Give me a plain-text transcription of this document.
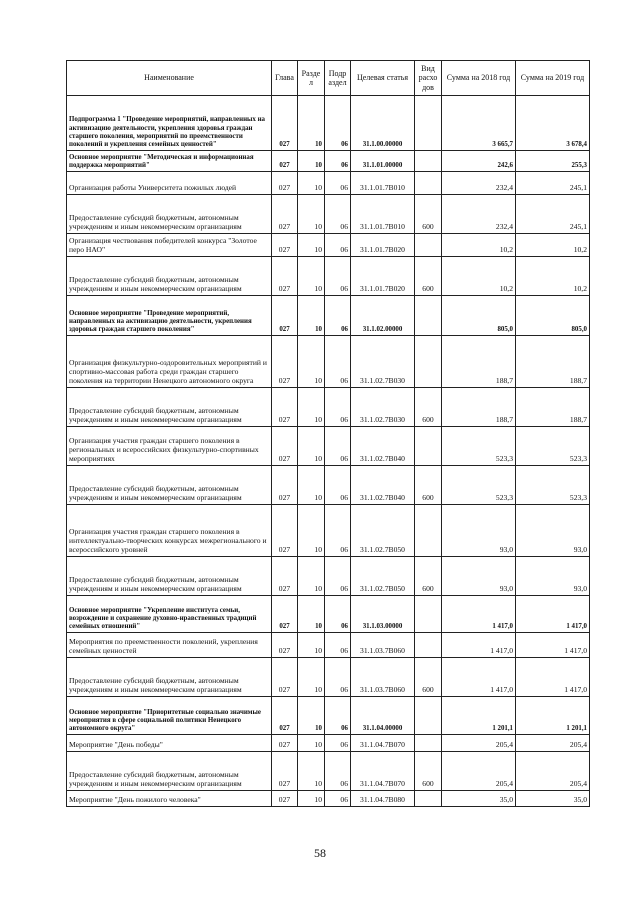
Наименование	Глава	Разде л	Подр аздел	Целевая статья	Вид расхо дов	Сумма на 2018 год	Сумма на 2019 год
Подпрограмма 1 "Проведение мероприятий, направленных на активизацию деятельности, укрепления здоровья граждан старшего поколения, мероприятий по преемственности поколений и укрепления семейных ценностей"	027	10	06	31.1.00.00000		3 665,7	3 678,4
Основное мероприятие "Методическая и информационная поддержка мероприятий"	027	10	06	31.1.01.00000		242,6	255,3
Организация работы Университета пожилых людей	027	10	06	31.1.01.7В010		232,4	245,1
Предоставление субсидий бюджетным, автономным учреждениям и иным некоммерческим организациям	027	10	06	31.1.01.7В010	600	232,4	245,1
Организация чествования победителей конкурса "Золотое перо НАО"	027	10	06	31.1.01.7В020		10,2	10,2
Предоставление субсидий бюджетным, автономным учреждениям и иным некоммерческим организациям	027	10	06	31.1.01.7В020	600	10,2	10,2
Основное мероприятие "Проведение мероприятий, направленных на активизацию деятельности, укрепления здоровья граждан старшего поколения"	027	10	06	31.1.02.00000		805,0	805,0
Организация физкультурно-оздоровительных мероприятий и спортивно-массовая работа среди граждан старшего поколения на территории Ненецкого автономного округа	027	10	06	31.1.02.7В030		188,7	188,7
Предоставление субсидий бюджетным, автономным учреждениям и иным некоммерческим организациям	027	10	06	31.1.02.7В030	600	188,7	188,7
Организация участия граждан старшего поколения в региональных и всероссийских физкультурно-спортивных мероприятиях	027	10	06	31.1.02.7В040		523,3	523,3
Предоставление субсидий бюджетным, автономным учреждениям и иным некоммерческим организациям	027	10	06	31.1.02.7В040	600	523,3	523,3
Организация участия граждан старшего поколения в интеллектуально-творческих конкурсах межрегионального и всероссийского уровней	027	10	06	31.1.02.7В050		93,0	93,0
Предоставление субсидий бюджетным, автономным учреждениям и иным некоммерческим организациям	027	10	06	31.1.02.7В050	600	93,0	93,0
Основное мероприятие "Укрепление института семьи, возрождение и сохранение духовно-нравственных традиций семейных отношений"	027	10	06	31.1.03.00000		1 417,0	1 417,0
Мероприятия по преемственности поколений, укрепления семейных ценностей	027	10	06	31.1.03.7В060		1 417,0	1 417,0
Предоставление субсидий бюджетным, автономным учреждениям и иным некоммерческим организациям	027	10	06	31.1.03.7В060	600	1 417,0	1 417,0
Основное мероприятие "Приоритетные социально значимые мероприятия в сфере социальной политики Ненецкого автономного округа"	027	10	06	31.1.04.00000		1 201,1	1 201,1
Мероприятие "День победы"	027	10	06	31.1.04.7В070		205,4	205,4
Предоставление субсидий бюджетным, автономным учреждениям и иным некоммерческим организациям	027	10	06	31.1.04.7В070	600	205,4	205,4
Мероприятие "День пожилого человека"	027	10	06	31.1.04.7В080		35,0	35,0
58
